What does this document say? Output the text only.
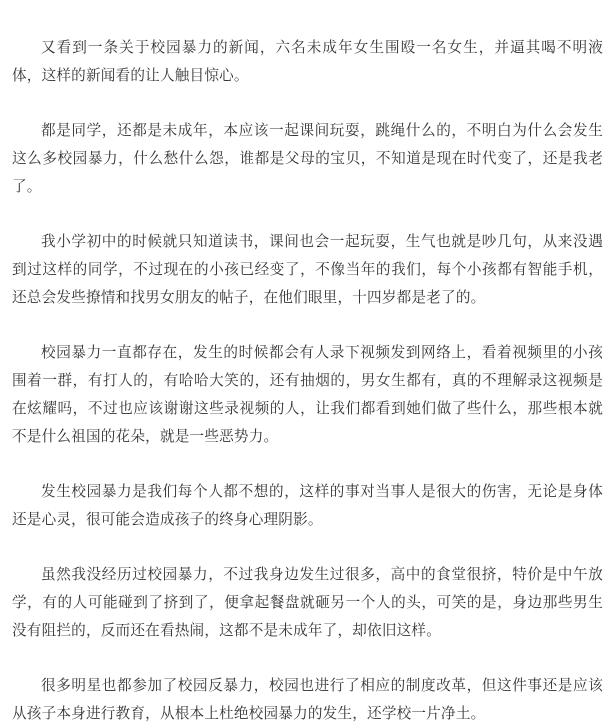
又看到一条关于校园暴力的新闻，六名未成年女生围殴一名女生，并逼其喝不明液体，这样的新闻看的让人触目惊心。

都是同学，还都是未成年，本应该一起课间玩耍，跳绳什么的，不明白为什么会发生这么多校园暴力，什么愁什么怨，谁都是父母的宝贝，不知道是现在时代变了，还是我老了。

我小学初中的时候就只知道读书，课间也会一起玩耍，生气也就是吵几句，从来没遇到过这样的同学，不过现在的小孩已经变了，不像当年的我们，每个小孩都有智能手机，还总会发些撩情和找男女朋友的帖子，在他们眼里，十四岁都是老了的。

校园暴力一直都存在，发生的时候都会有人录下视频发到网络上，看着视频里的小孩围着一群，有打人的，有哈哈大笑的，还有抽烟的，男女生都有，真的不理解录这视频是在炫耀吗，不过也应该谢谢这些录视频的人，让我们都看到她们做了些什么，那些根本就不是什么祖国的花朵，就是一些恶势力。

发生校园暴力是我们每个人都不想的，这样的事对当事人是很大的伤害，无论是身体还是心灵，很可能会造成孩子的终身心理阴影。

虽然我没经历过校园暴力，不过我身边发生过很多，高中的食堂很挤，特价是中午放学，有的人可能碰到了挤到了，便拿起餐盘就砸另一个人的头，可笑的是，身边那些男生没有阻拦的，反而还在看热闹，这都不是未成年了，却依旧这样。

很多明星也都参加了校园反暴力，校园也进行了相应的制度改革，但这件事还是应该从孩子本身进行教育，从根本上杜绝校园暴力的发生，还学校一片净土。
